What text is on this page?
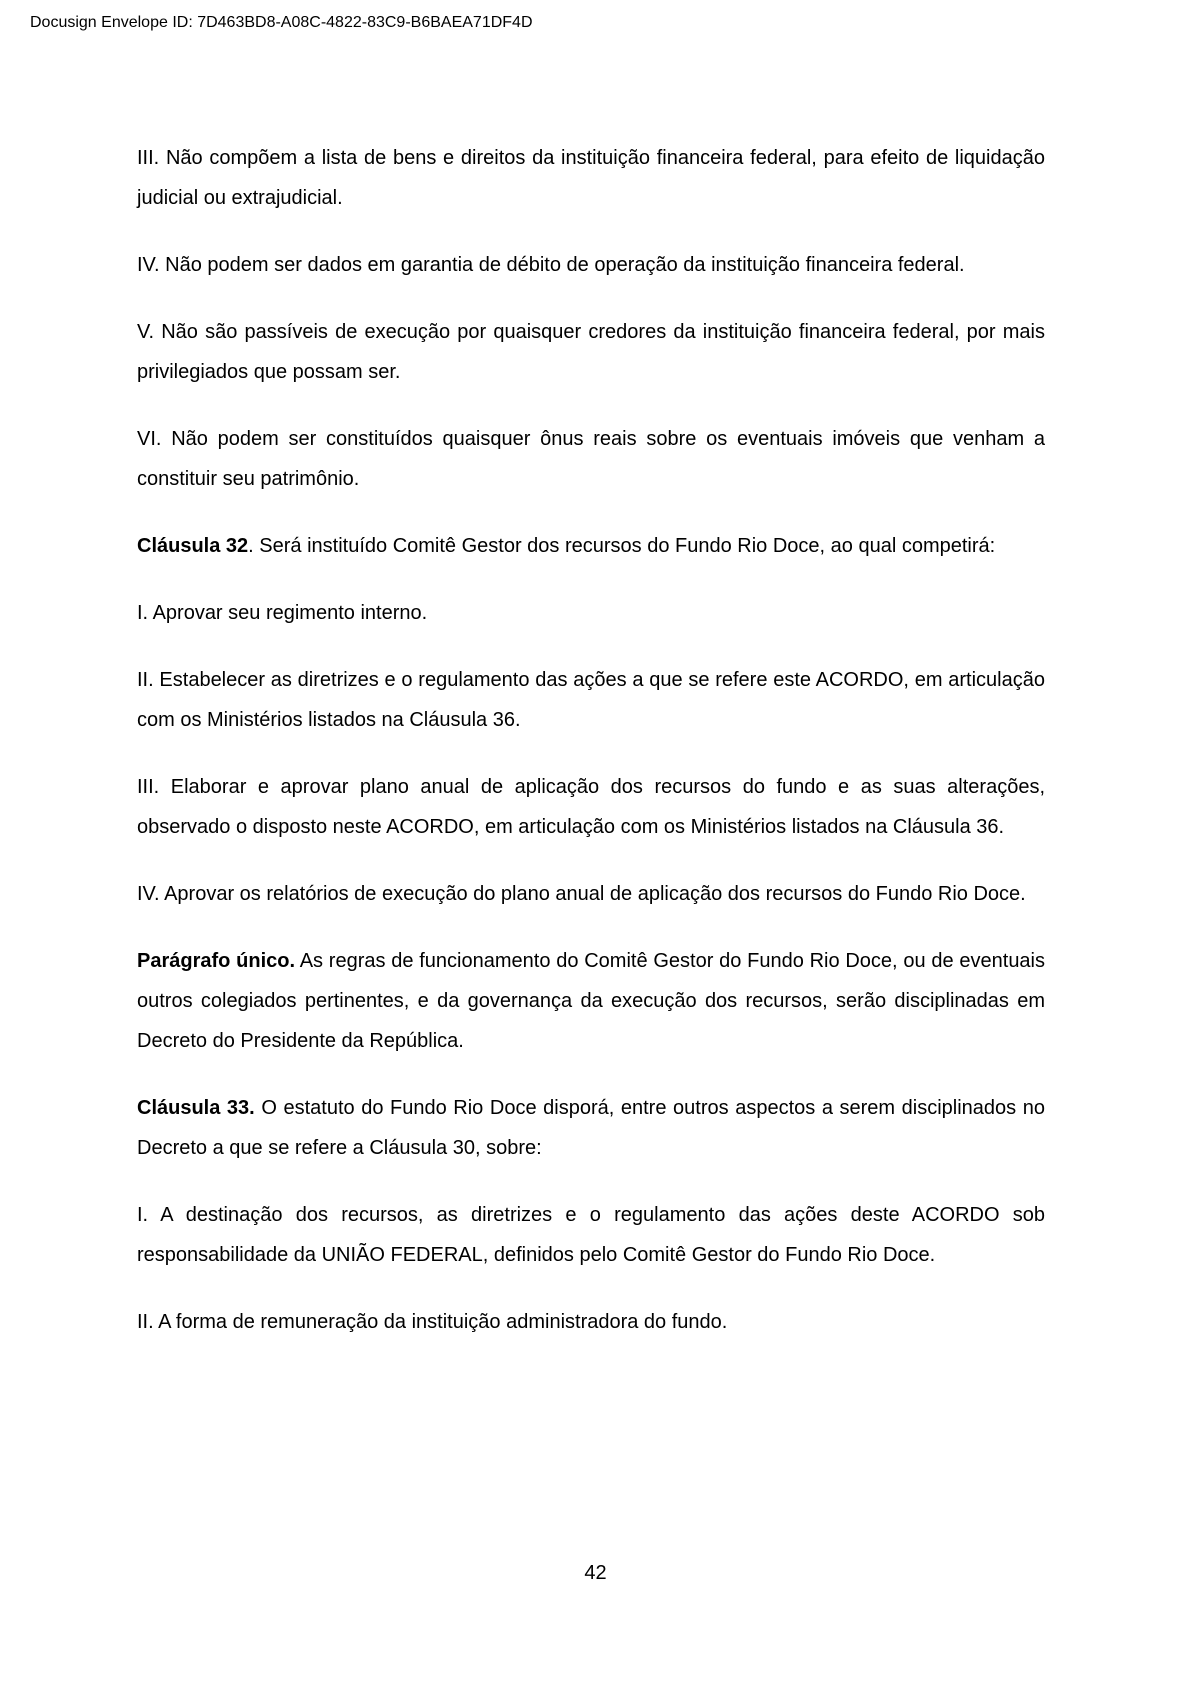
Docusign Envelope ID: 7D463BD8-A08C-4822-83C9-B6BAEA71DF4D

III. Não compõem a lista de bens e direitos da instituição financeira federal, para efeito de liquidação judicial ou extrajudicial.

IV. Não podem ser dados em garantia de débito de operação da instituição financeira federal.

V. Não são passíveis de execução por quaisquer credores da instituição financeira federal, por mais privilegiados que possam ser.

VI. Não podem ser constituídos quaisquer ônus reais sobre os eventuais imóveis que venham a constituir seu patrimônio.

Cláusula 32. Será instituído Comitê Gestor dos recursos do Fundo Rio Doce, ao qual competirá:

I. Aprovar seu regimento interno.

II. Estabelecer as diretrizes e o regulamento das ações a que se refere este ACORDO, em articulação com os Ministérios listados na Cláusula 36.

III. Elaborar e aprovar plano anual de aplicação dos recursos do fundo e as suas alterações, observado o disposto neste ACORDO, em articulação com os Ministérios listados na Cláusula 36.

IV. Aprovar os relatórios de execução do plano anual de aplicação dos recursos do Fundo Rio Doce.

Parágrafo único. As regras de funcionamento do Comitê Gestor do Fundo Rio Doce, ou de eventuais outros colegiados pertinentes, e da governança da execução dos recursos, serão disciplinadas em Decreto do Presidente da República.

Cláusula 33. O estatuto do Fundo Rio Doce disporá, entre outros aspectos a serem disciplinados no Decreto a que se refere a Cláusula 30, sobre:

I. A destinação dos recursos, as diretrizes e o regulamento das ações deste ACORDO sob responsabilidade da UNIÃO FEDERAL, definidos pelo Comitê Gestor do Fundo Rio Doce.

II. A forma de remuneração da instituição administradora do fundo.

42
